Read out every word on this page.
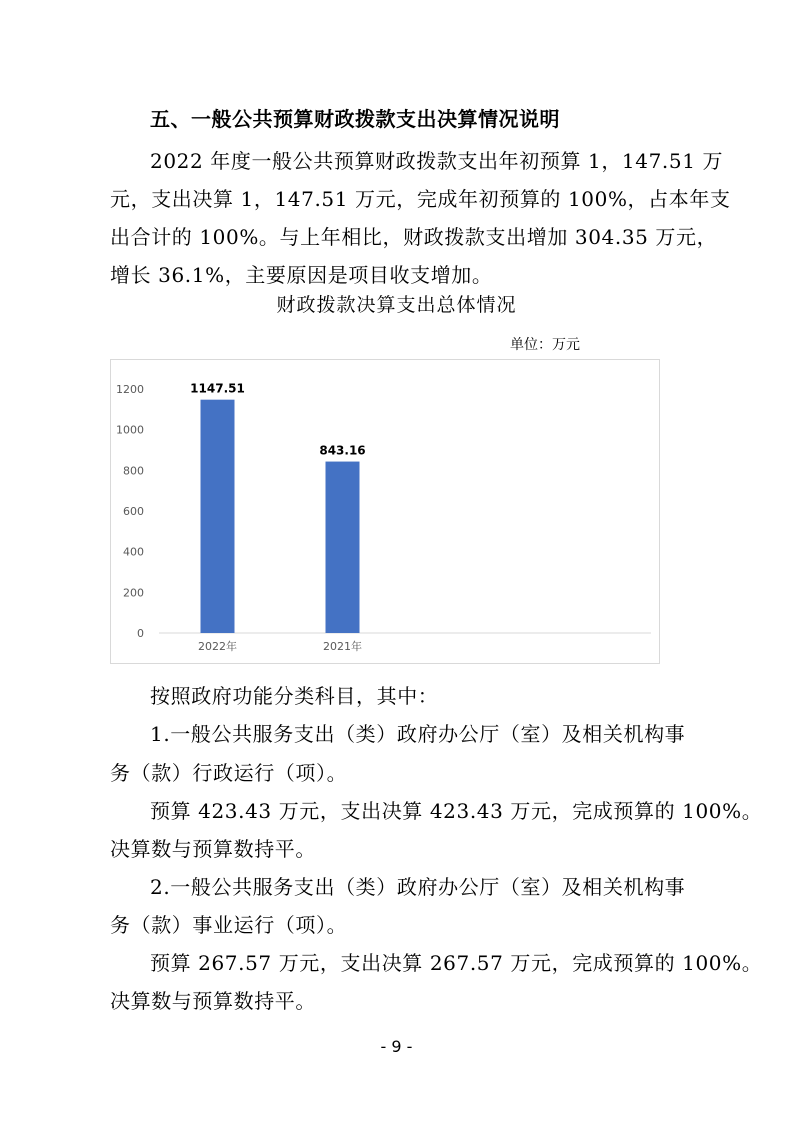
五、一般公共预算财政拨款支出决算情况说明
2022 年度一般公共预算财政拨款支出年初预算 1，147.51 万
元，支出决算 1，147.51 万元，完成年初预算的 100%，占本年支
出合计的 100%。与上年相比，财政拨款支出增加 304.35 万元，
增长 36.1%，主要原因是项目收支增加。
财政拨款决算支出总体情况
单位：万元
0
200
400
600
800
1000
1200	1147.51
2022年
843.16
2021年
按照政府功能分类科目，其中：
1.一般公共服务支出（类）政府办公厅（室）及相关机构事
务（款）行政运行（项）。
预算 423.43 万元，支出决算 423.43 万元，完成预算的 100%。
决算数与预算数持平。
2.一般公共服务支出（类）政府办公厅（室）及相关机构事
务（款）事业运行（项）。
预算 267.57 万元，支出决算 267.57 万元，完成预算的 100%。
决算数与预算数持平。
- 9 -
